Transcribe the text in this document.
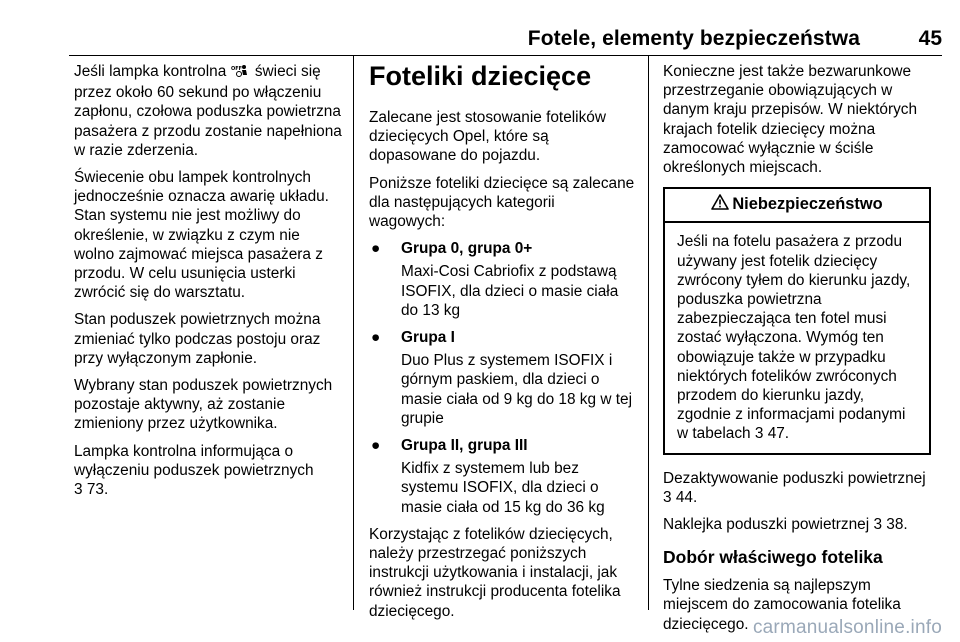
Fotele, elementy bezpieczeństwa	45

Jeśli lampka kontrolna OFF świeci się przez około 60 sekund po włączeniu zapłonu, czołowa poduszka powietrzna pasażera z przodu zostanie napełniona w razie zderzenia.

Świecenie obu lampek kontrolnych jednocześnie oznacza awarię układu. Stan systemu nie jest możliwy do określenie, w związku z czym nie wolno zajmować miejsca pasażera z przodu. W celu usunięcia usterki zwrócić się do warsztatu.

Stan poduszek powietrznych można zmieniać tylko podczas postoju oraz przy wyłączonym zapłonie.

Wybrany stan poduszek powietrznych pozostaje aktywny, aż zostanie zmieniony przez użytkownika.

Lampka kontrolna informująca o wyłączeniu poduszek powietrznych
3 73.

Foteliki dziecięce

Zalecane jest stosowanie fotelików dziecięcych Opel, które są dopasowane do pojazdu.

Poniższe foteliki dziecięce są zalecane dla następujących kategorii wagowych:

●	Grupa 0, grupa 0+
Maxi-Cosi Cabriofix z podstawą ISOFIX, dla dzieci o masie ciała do 13 kg
●	Grupa I
Duo Plus z systemem ISOFIX i górnym paskiem, dla dzieci o masie ciała od 9 kg do 18 kg w tej grupie
●	Grupa II, grupa III
Kidfix z systemem lub bez systemu ISOFIX, dla dzieci o masie ciała od 15 kg do 36 kg

Korzystając z fotelików dziecięcych, należy przestrzegać poniższych instrukcji użytkowania i instalacji, jak również instrukcji producenta fotelika dziecięcego.

Konieczne jest także bezwarunkowe przestrzeganie obowiązujących w danym kraju przepisów. W niektórych krajach fotelik dziecięcy można zamocować wyłącznie w ściśle określonych miejscach.

Niebezpieczeństwo

Jeśli na fotelu pasażera z przodu używany jest fotelik dziecięcy zwrócony tyłem do kierunku jazdy, poduszka powietrzna zabezpieczająca ten fotel musi zostać wyłączona. Wymóg ten obowiązuje także w przypadku niektórych fotelików zwróconych przodem do kierunku jazdy, zgodnie z informacjami podanymi w tabelach 3 47.

Dezaktywowanie poduszki powietrznej 3 44.

Naklejka poduszki powietrznej 3 38.

Dobór właściwego fotelika

Tylne siedzenia są najlepszym miejscem do zamocowania fotelika dziecięcego. carmanualsonline.info
